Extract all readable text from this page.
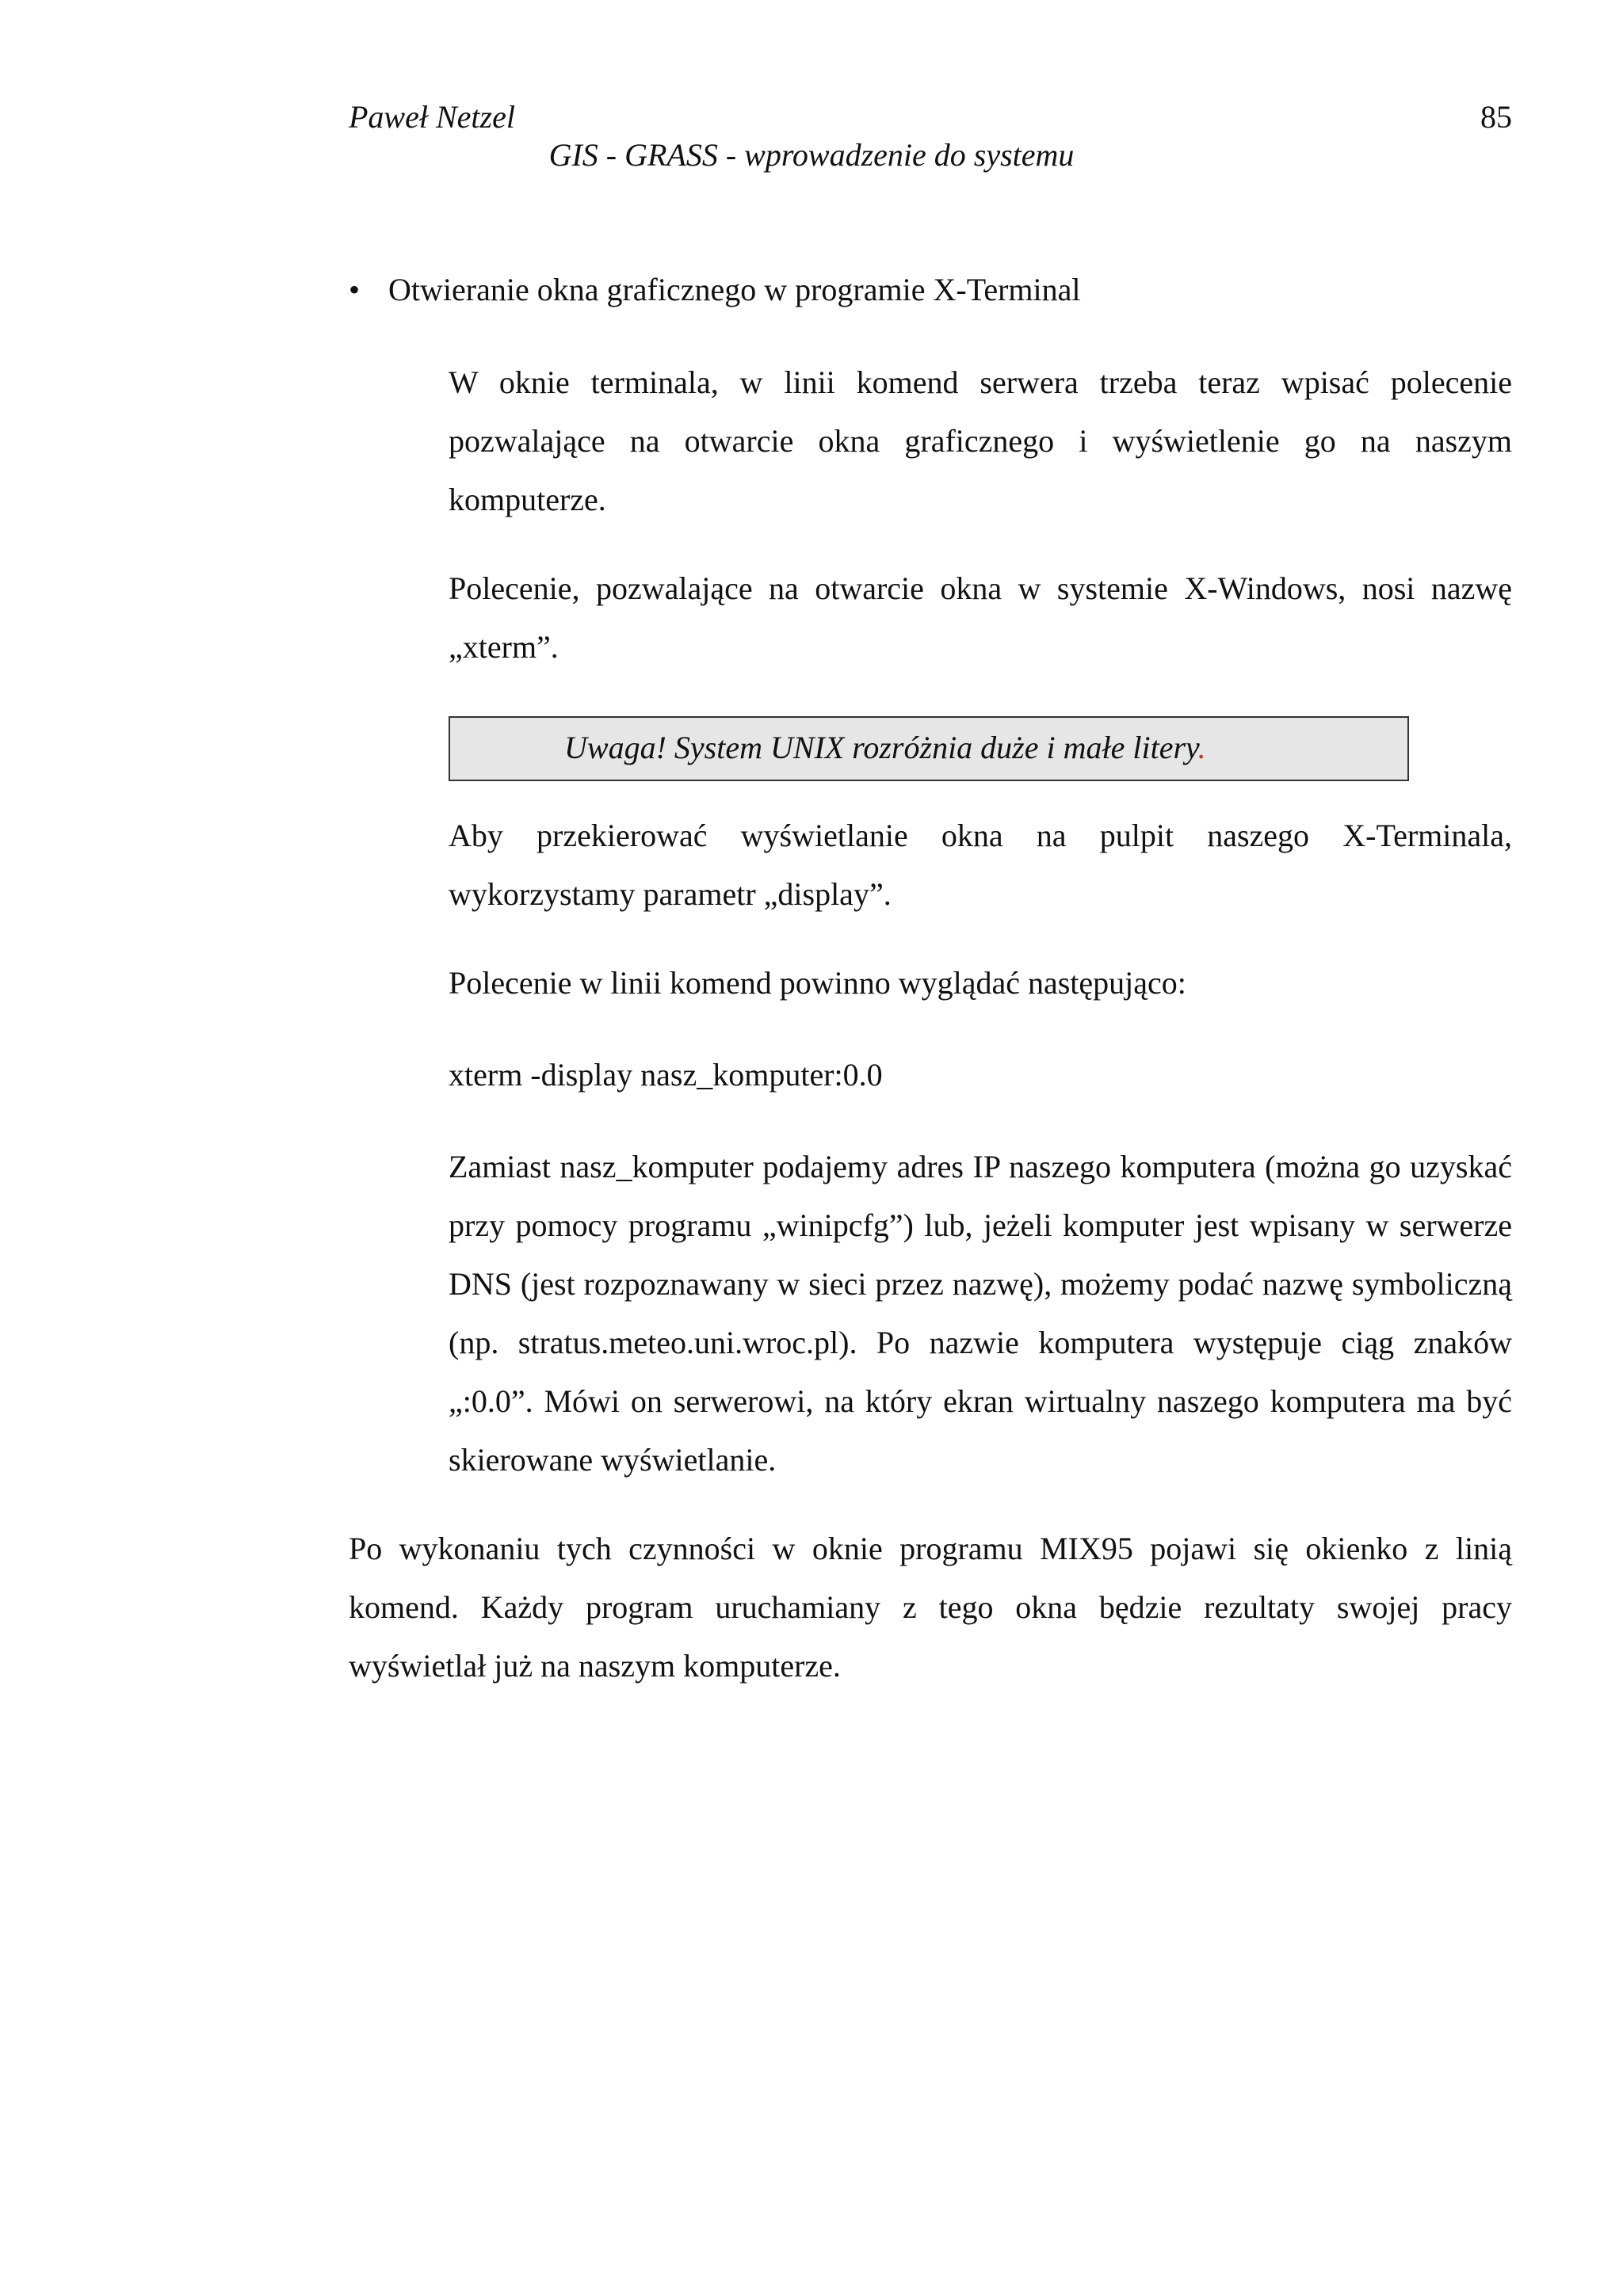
Paweł Netzel	85
GIS - GRASS - wprowadzenie do systemu
• Otwieranie okna graficznego w programie X-Terminal

W oknie terminala, w linii komend serwera trzeba teraz wpisać polecenie pozwalające na otwarcie okna graficznego i wyświetlenie go na naszym komputerze.

Polecenie, pozwalające na otwarcie okna w systemie X-Windows, nosi nazwę „xterm”.

Uwaga! System UNIX rozróżnia duże i małe litery.

Aby przekierować wyświetlanie okna na pulpit naszego X-Terminala, wykorzystamy parametr „display”.

Polecenie w linii komend powinno wyglądać następująco:

xterm -display nasz_komputer:0.0

Zamiast nasz_komputer podajemy adres IP naszego komputera (można go uzyskać przy pomocy programu „winipcfg”) lub, jeżeli komputer jest wpisany w serwerze DNS (jest rozpoznawany w sieci przez nazwę), możemy podać nazwę symboliczną (np. stratus.meteo.uni.wroc.pl). Po nazwie komputera występuje ciąg znaków „:0.0”. Mówi on serwerowi, na który ekran wirtualny naszego komputera ma być skierowane wyświetlanie.

Po wykonaniu tych czynności w oknie programu MIX95 pojawi się okienko z linią komend. Każdy program uruchamiany z tego okna będzie rezultaty swojej pracy wyświetlał już na naszym komputerze.
